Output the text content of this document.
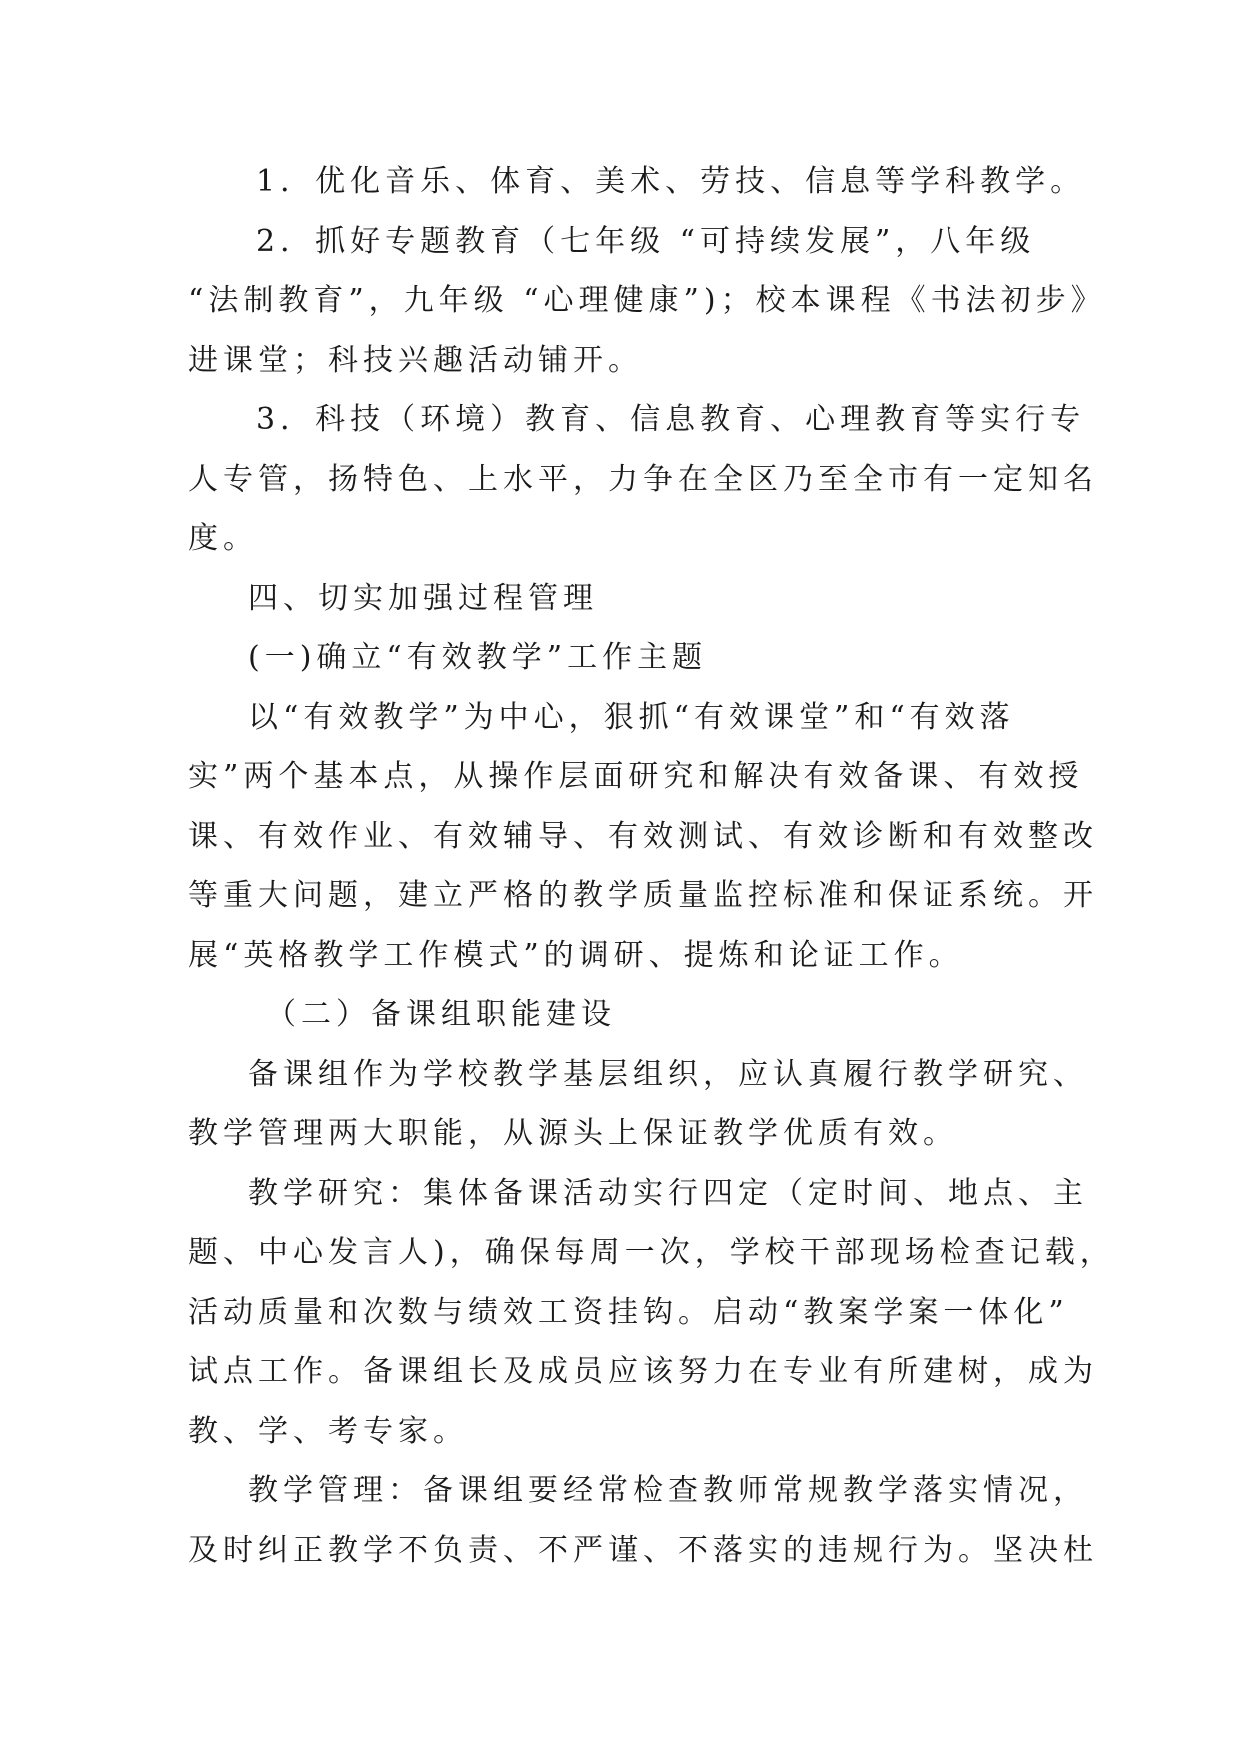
1．优化音乐、体育、美术、劳技、信息等学科教学。
2．抓好专题教育（七年级 “可持续发展”，八年级
“法制教育”，九年级 “心理健康”)；校本课程《书法初步》
进课堂；科技兴趣活动铺开。
3．科技（环境）教育、信息教育、心理教育等实行专
人专管，扬特色、上水平，力争在全区乃至全市有一定知名
度。
四、切实加强过程管理
(一)确立“有效教学”工作主题
以“有效教学”为中心，狠抓“有效课堂”和“有效落
实”两个基本点，从操作层面研究和解决有效备课、有效授
课、有效作业、有效辅导、有效测试、有效诊断和有效整改
等重大问题，建立严格的教学质量监控标准和保证系统。开
展“英格教学工作模式”的调研、提炼和论证工作。
（二）备课组职能建设
备课组作为学校教学基层组织，应认真履行教学研究、
教学管理两大职能，从源头上保证教学优质有效。
教学研究：集体备课活动实行四定（定时间、地点、主
题、中心发言人)，确保每周一次，学校干部现场检查记载，
活动质量和次数与绩效工资挂钩。启动“教案学案一体化”
试点工作。备课组长及成员应该努力在专业有所建树，成为
教、学、考专家。
教学管理：备课组要经常检查教师常规教学落实情况，
及时纠正教学不负责、不严谨、不落实的违规行为。坚决杜
